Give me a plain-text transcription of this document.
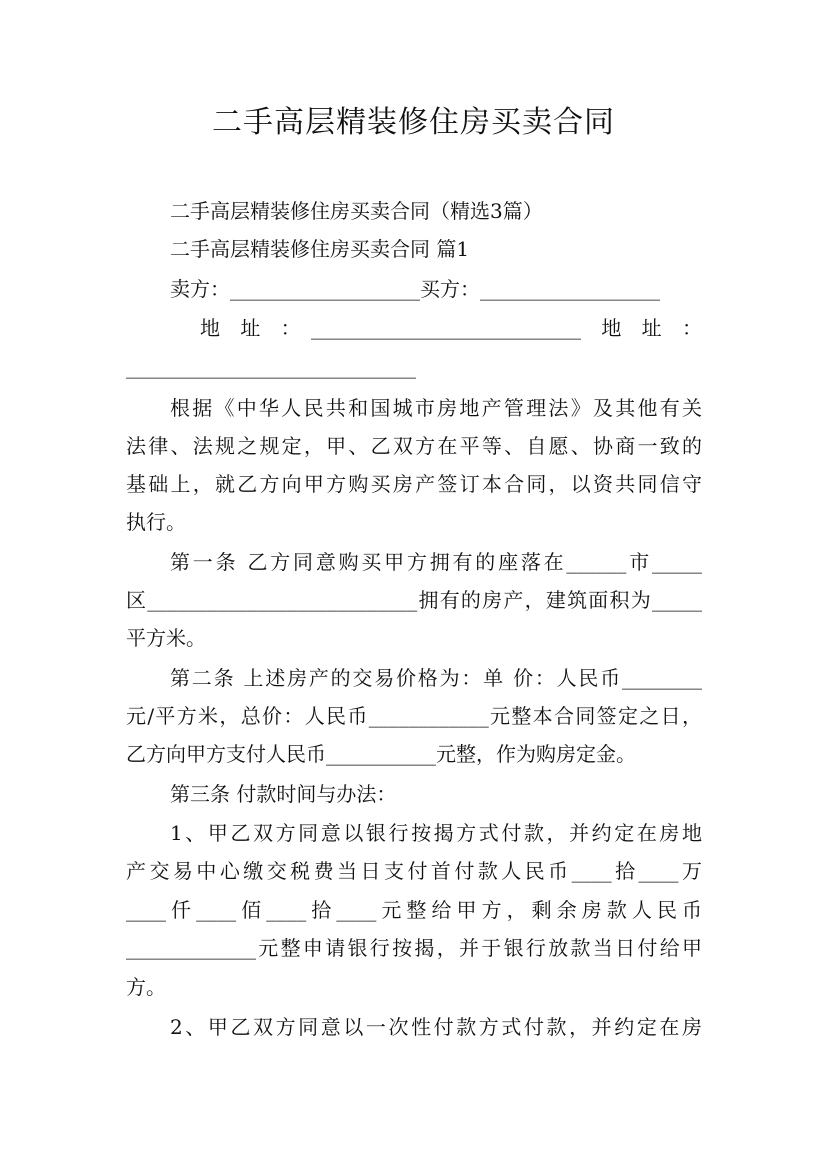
二手高层精装修住房买卖合同
二手高层精装修住房买卖合同（精选3篇）
二手高层精装修住房买卖合同 篇1
卖方：___________________买方：__________________
地　址　：　___________________________　地　址　：
_____________________________
根据《中华人民共和国城市房地产管理法》及其他有关
法律、法规之规定，甲、乙双方在平等、自愿、协商一致的
基础上，就乙方向甲方购买房产签订本合同，以资共同信守
执行。
第一条 乙方同意购买甲方拥有的座落在______市_____
区___________________________拥有的房产，建筑面积为_____
平方米。
第二条 上述房产的交易价格为：单 价：人民币________
元/平方米，总价：人民币____________元整本合同签定之日，
乙方向甲方支付人民币___________元整，作为购房定金。
第三条 付款时间与办法：
1、甲乙双方同意以银行按揭方式付款，并约定在房地
产交易中心缴交税费当日支付首付款人民币____拾____万
____仟____佰____拾____元整给甲方，剩余房款人民币
_____________元整申请银行按揭，并于银行放款当日付给甲
方。
2、甲乙双方同意以一次性付款方式付款，并约定在房
